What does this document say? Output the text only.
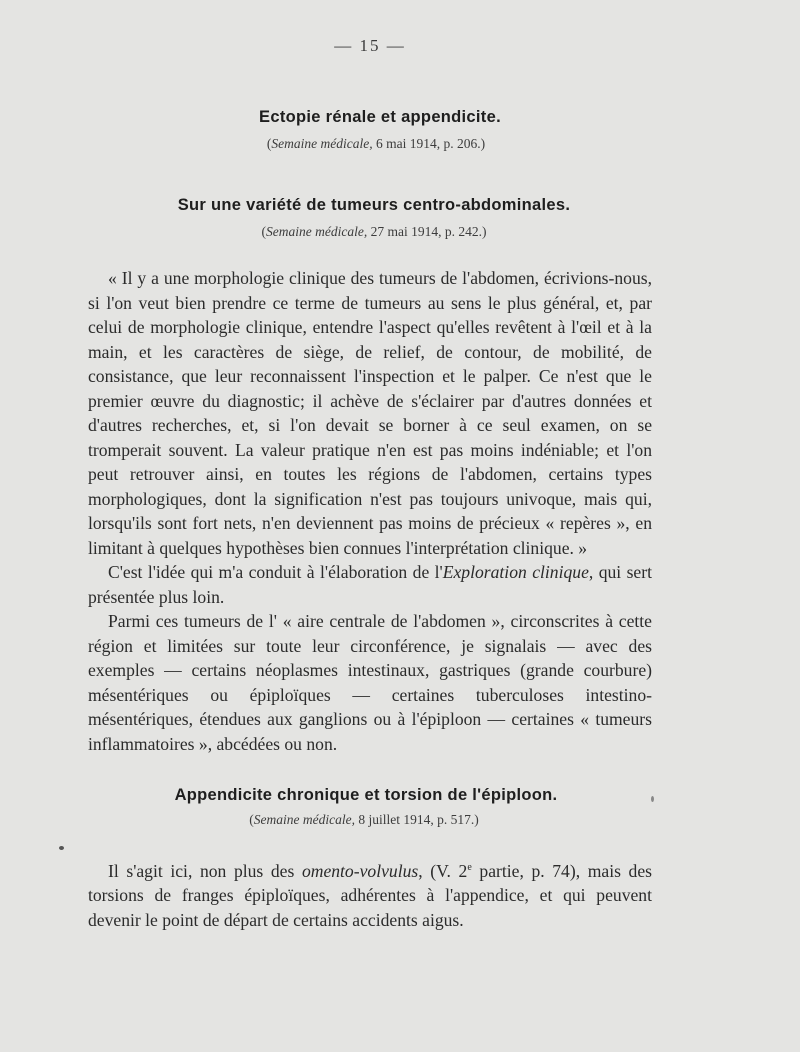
— 15 —
Ectopie rénale et appendicite.
(Semaine médicale, 6 mai 1914, p. 206.)
Sur une variété de tumeurs centro-abdominales.
(Semaine médicale, 27 mai 1914, p. 242.)

« Il y a une morphologie clinique des tumeurs de l'abdomen, écrivions-nous, si l'on veut bien prendre ce terme de tumeurs au sens le plus général, et, par celui de morphologie clinique, entendre l'aspect qu'elles revêtent à l'œil et à la main, et les caractères de siège, de relief, de contour, de mobilité, de consistance, que leur reconnaissent l'inspection et le palper. Ce n'est que le premier œuvre du diagnostic; il achève de s'éclairer par d'autres données et d'autres recherches, et, si l'on devait se borner à ce seul examen, on se tromperait souvent. La valeur pratique n'en est pas moins indéniable; et l'on peut retrouver ainsi, en toutes les régions de l'abdomen, certains types morphologiques, dont la signification n'est pas toujours univoque, mais qui, lorsqu'ils sont fort nets, n'en deviennent pas moins de précieux « repères », en limitant à quelques hypothèses bien connues l'interprétation clinique. »

C'est l'idée qui m'a conduit à l'élaboration de l'Exploration clinique, qui sert présentée plus loin.

Parmi ces tumeurs de l' « aire centrale de l'abdomen », circonscrites à cette région et limitées sur toute leur circonférence, je signalais — avec des exemples — certains néoplasmes intestinaux, gastriques (grande courbure) mésentériques ou épiploïques — certaines tuberculoses intestino-mésentériques, étendues aux ganglions ou à l'épiploon — certaines « tumeurs inflammatoires », abcédées ou non.

Appendicite chronique et torsion de l'épiploon.
(Semaine médicale, 8 juillet 1914, p. 517.)

Il s'agit ici, non plus des omento-volvulus, (V. 2e partie, p. 74), mais des torsions de franges épiploïques, adhérentes à l'appendice, et qui peuvent devenir le point de départ de certains accidents aigus.
